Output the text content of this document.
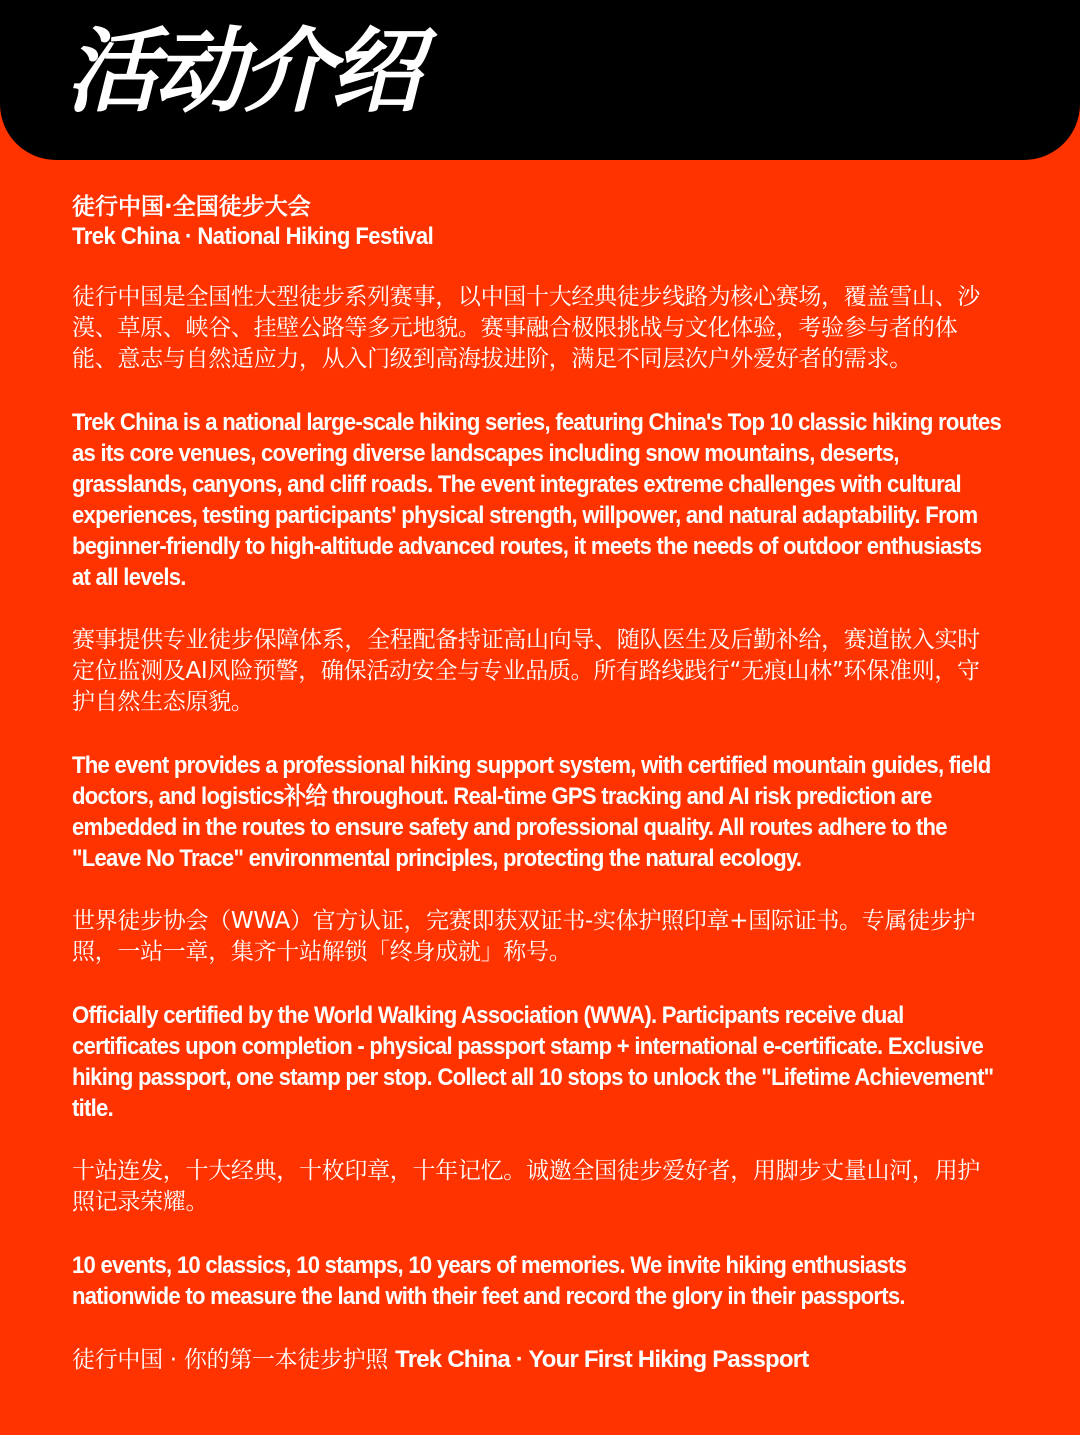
活动介绍

徒行中国·全国徒步大会

Trek China · National Hiking Festival

徒行中国是全国性大型徒步系列赛事，以中国十大经典徒步线路为核心赛场，覆盖雪山、沙漠、草原、峡谷、挂壁公路等多元地貌。赛事融合极限挑战与文化体验，考验参与者的体能、意志与自然适应力，从入门级到高海拔进阶，满足不同层次户外爱好者的需求。

Trek China is a national large-scale hiking series, featuring China's Top 10 classic hiking routes as its core venues, covering diverse landscapes including snow mountains, deserts, grasslands, canyons, and cliff roads. The event integrates extreme challenges with cultural experiences, testing participants' physical strength, willpower, and natural adaptability. From beginner-friendly to high-altitude advanced routes, it meets the needs of outdoor enthusiasts at all levels.

赛事提供专业徒步保障体系，全程配备持证高山向导、随队医生及后勤补给，赛道嵌入实时定位监测及AI风险预警，确保活动安全与专业品质。所有路线践行“无痕山林”环保准则，守护自然生态原貌。

The event provides a professional hiking support system, with certified mountain guides, field doctors, and logistics补给 throughout. Real-time GPS tracking and AI risk prediction are embedded in the routes to ensure safety and professional quality. All routes adhere to the "Leave No Trace" environmental principles, protecting the natural ecology.

世界徒步协会（WWA）官方认证，完赛即获双证书-实体护照印章+国际证书。专属徒步护照，一站一章，集齐十站解锁「终身成就」称号。

Officially certified by the World Walking Association (WWA). Participants receive dual certificates upon completion - physical passport stamp + international e-certificate. Exclusive hiking passport, one stamp per stop. Collect all 10 stops to unlock the "Lifetime Achievement" title.

十站连发，十大经典，十枚印章，十年记忆。诚邀全国徒步爱好者，用脚步丈量山河，用护照记录荣耀。

10 events, 10 classics, 10 stamps, 10 years of memories. We invite hiking enthusiasts nationwide to measure the land with their feet and record the glory in their passports.

徒行中国 · 你的第一本徒步护照 Trek China · Your First Hiking Passport
